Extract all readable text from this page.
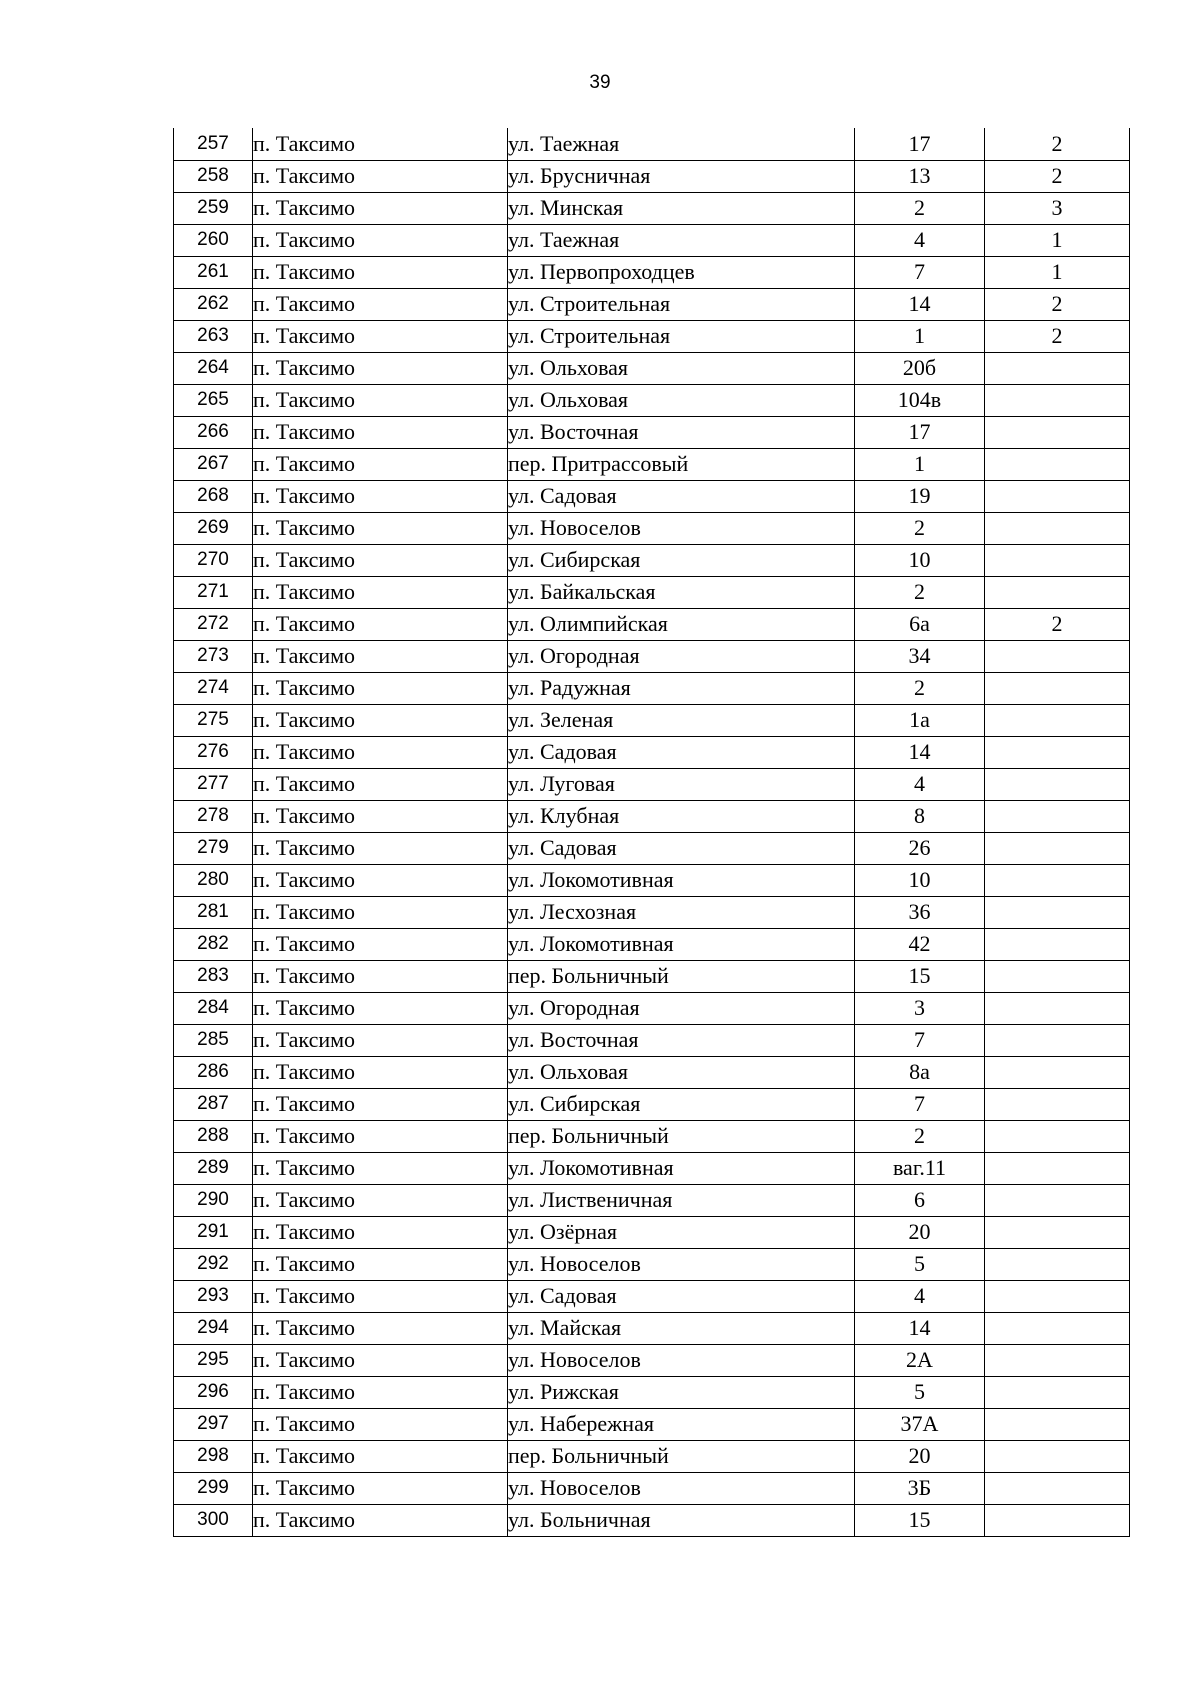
39
257	п. Таксимо	ул. Таежная	17	2
258	п. Таксимо	ул. Брусничная	13	2
259	п. Таксимо	ул. Минская	2	3
260	п. Таксимо	ул. Таежная	4	1
261	п. Таксимо	ул. Первопроходцев	7	1
262	п. Таксимо	ул. Строительная	14	2
263	п. Таксимо	ул. Строительная	1	2
264	п. Таксимо	ул. Ольховая	20б	
265	п. Таксимо	ул. Ольховая	104в	
266	п. Таксимо	ул. Восточная	17	
267	п. Таксимо	пер. Притрассовый	1	
268	п. Таксимо	ул. Садовая	19	
269	п. Таксимо	ул. Новоселов	2	
270	п. Таксимо	ул. Сибирская	10	
271	п. Таксимо	ул. Байкальская	2	
272	п. Таксимо	ул. Олимпийская	6а	2
273	п. Таксимо	ул. Огородная	34	
274	п. Таксимо	ул. Радужная	2	
275	п. Таксимо	ул. Зеленая	1а	
276	п. Таксимо	ул. Садовая	14	
277	п. Таксимо	ул. Луговая	4	
278	п. Таксимо	ул. Клубная	8	
279	п. Таксимо	ул. Садовая	26	
280	п. Таксимо	ул. Локомотивная	10	
281	п. Таксимо	ул. Лесхозная	36	
282	п. Таксимо	ул. Локомотивная	42	
283	п. Таксимо	пер. Больничный	15	
284	п. Таксимо	ул. Огородная	3	
285	п. Таксимо	ул. Восточная	7	
286	п. Таксимо	ул. Ольховая	8а	
287	п. Таксимо	ул. Сибирская	7	
288	п. Таксимо	пер. Больничный	2	
289	п. Таксимо	ул. Локомотивная	ваг.11	
290	п. Таксимо	ул. Лиственичная	6	
291	п. Таксимо	ул. Озёрная	20	
292	п. Таксимо	ул. Новоселов	5	
293	п. Таксимо	ул. Садовая	4	
294	п. Таксимо	ул. Майская	14	
295	п. Таксимо	ул. Новоселов	2А	
296	п. Таксимо	ул. Рижская	5	
297	п. Таксимо	ул. Набережная	37А	
298	п. Таксимо	пер. Больничный	20	
299	п. Таксимо	ул. Новоселов	3Б	
300	п. Таксимо	ул. Больничная	15	
